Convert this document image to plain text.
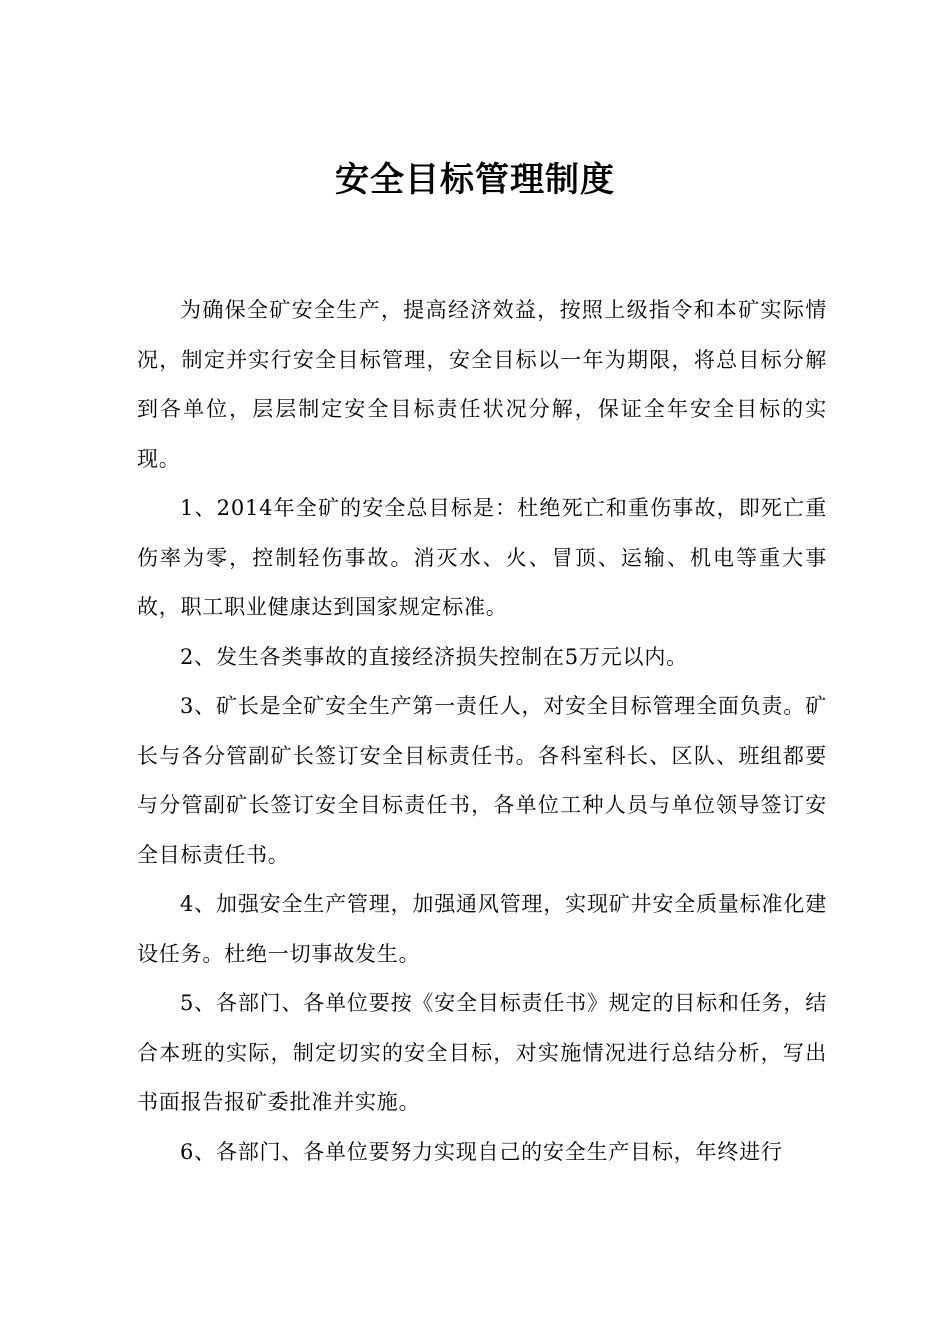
安全目标管理制度

为确保全矿安全生产，提高经济效益，按照上级指令和本矿实际情况，制定并实行安全目标管理，安全目标以一年为期限，将总目标分解到各单位，层层制定安全目标责任状况分解，保证全年安全目标的实现。

1、2014年全矿的安全总目标是：杜绝死亡和重伤事故，即死亡重伤率为零，控制轻伤事故。消灭水、火、冒顶、运输、机电等重大事故，职工职业健康达到国家规定标准。

2、发生各类事故的直接经济损失控制在5万元以内。

3、矿长是全矿安全生产第一责任人，对安全目标管理全面负责。矿长与各分管副矿长签订安全目标责任书。各科室科长、区队、班组都要与分管副矿长签订安全目标责任书，各单位工种人员与单位领导签订安全目标责任书。

4、加强安全生产管理，加强通风管理，实现矿井安全质量标准化建设任务。杜绝一切事故发生。

5、各部门、各单位要按《安全目标责任书》规定的目标和任务，结合本班的实际，制定切实的安全目标，对实施情况进行总结分析，写出书面报告报矿委批准并实施。

6、各部门、各单位要努力实现自己的安全生产目标，年终进行
